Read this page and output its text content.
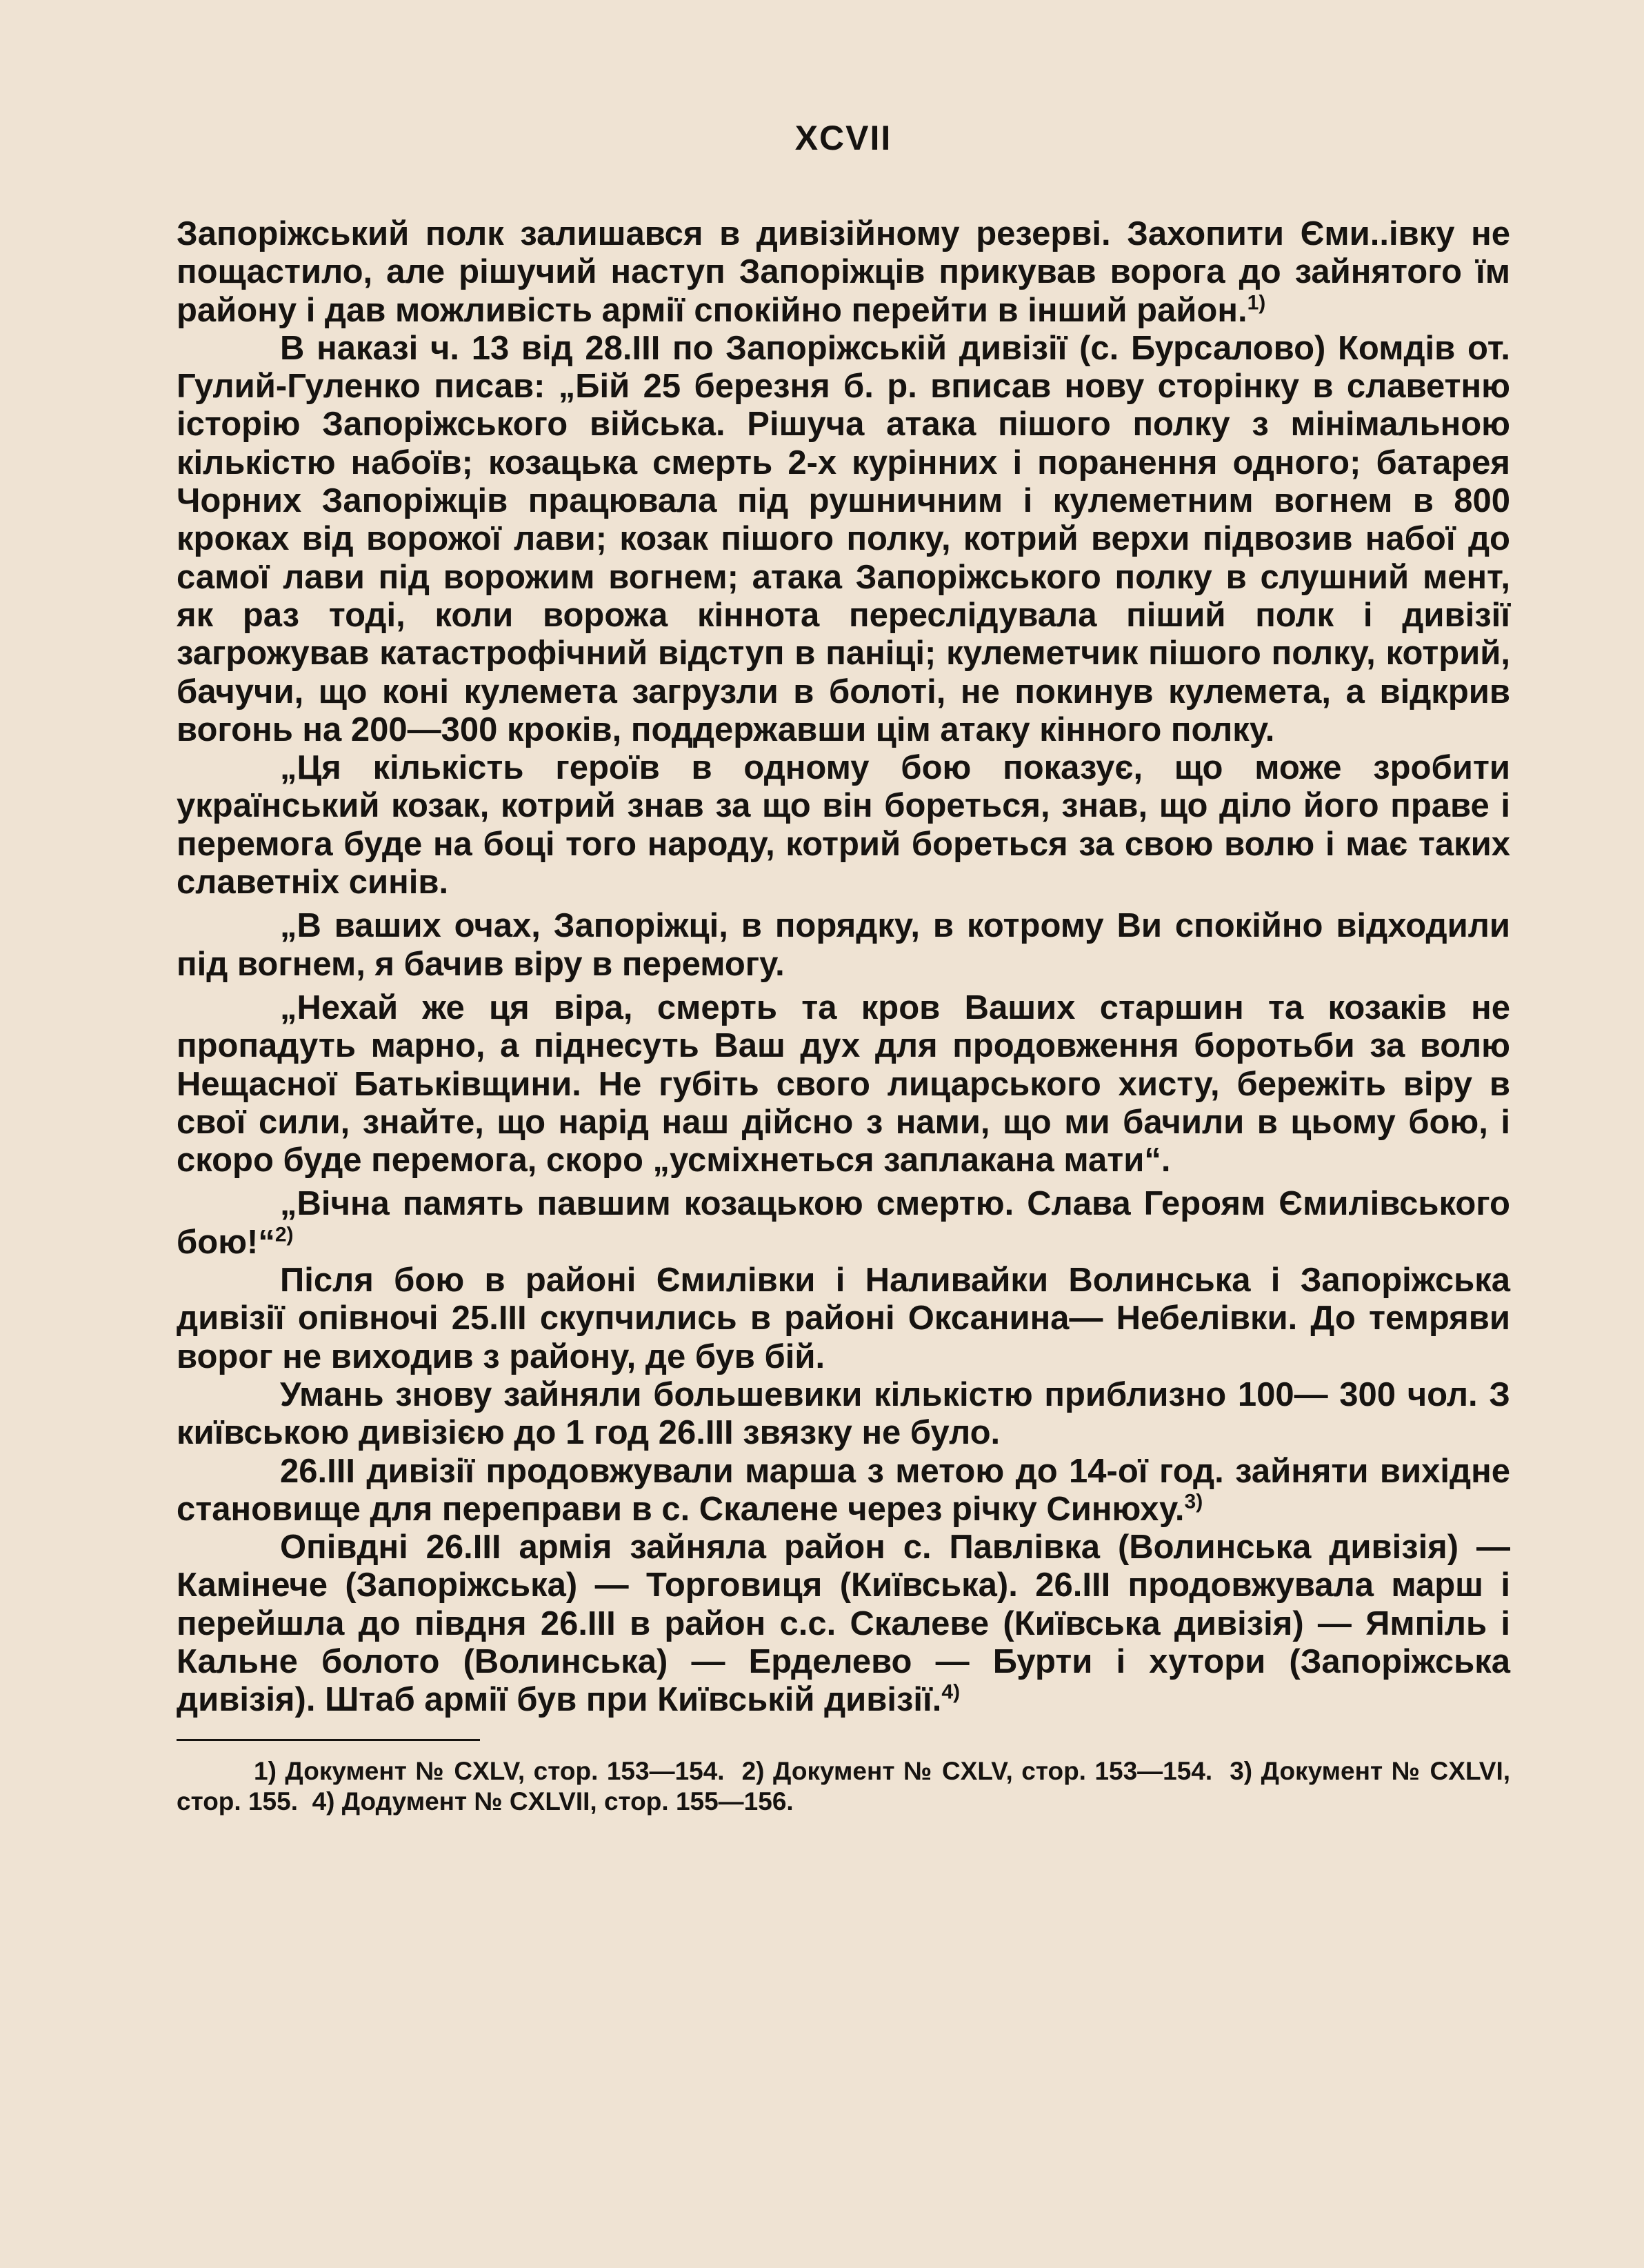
XCVII

Запоріжський полк залишався в дивізійному резерві. Захопити Єми..івку не пощастило, але рішучий наступ Запоріжців прикував ворога до зайнятого їм району і дав можливість армії спокійно перейти в інший район.$^{1)}$

В наказі ч. 13 від 28.ІІІ по Запоріжській дивізії (с. Бурсалово) Комдів от. Гулий-Гуленко писав: „Бій 25 березня б. р. вписав нову сторінку в славетню історію Запоріжського війська. Рішуча атака пішого полку з мінімальною кількістю набоїв; козацька смерть 2-х курінних і поранення одного; батарея Чорних Запоріжців працювала під рушничним і кулеметним вогнем в 800 кроках від ворожої лави; козак пішого полку, котрий верхи підвозив набої до самої лави під ворожим вогнем; атака Запоріжського полку в слушний мент, як раз тоді, коли ворожа кіннота переслідувала піший полк і дивізії загрожував катастрофічний відступ в паніці; кулеметчик пішого полку, котрий, бачучи, що коні кулемета загрузли в болоті, не покинув кулемета, а відкрив вогонь на 200—300 кроків, поддержавши цім атаку кінного полку.

„Ця кількість героїв в одному бою показує, що може зробити український козак, котрий знав за що він бореться, знав, що діло його праве і перемога буде на боці того народу, котрий бореться за свою волю і має таких славетніх синів.

„В ваших очах, Запоріжці, в порядку, в котрому Ви спокійно відходили під вогнем, я бачив віру в перемогу.

„Нехай же ця віра, смерть та кров Ваших старшин та козаків не пропадуть марно, а піднесуть Ваш дух для продовження боротьби за волю Нещасної Батьківщини. Не губіть свого лицарського хисту, бережіть віру в свої сили, знайте, що нарід наш дійсно з нами, що ми бачили в цьому бою, і скоро буде перемога, скоро „усміхнеться заплакана мати“.

„Вічна память павшим козацькою смертю. Слава Героям Ємилівського бою!“$^{2)}$

Після бою в районі Ємилівки і Наливайки Волинська і Запоріжська дивізії опівночі 25.ІІІ скупчились в районі Оксанина— Небелівки. До темряви ворог не виходив з району, де був бій.

Умань знову зайняли большевики кількістю приблизно 100— 300 чол. З київською дивізією до 1 год 26.ІІІ звязку не було.

26.ІІІ дивізії продовжували марша з метою до 14-ої год. зайняти вихідне становище для переправи в с. Скалене через річку Синюху.$^{3)}$

Опівдні 26.ІІІ армія зайняла район с. Павлівка (Волинська дивізія) — Камінече (Запоріжська) — Торговиця (Київська). 26.ІІІ продовжувала марш і перейшла до півдня 26.ІІІ в район с.с. Скалеве (Київська дивізія) — Ямпіль і Кальне болото (Волинська) — Ерделево — Бурти і хутори (Запоріжська дивізія). Штаб армії був при Київській дивізії.$^{4)}$

1) Документ № CXLV, стор. 153—154. 2) Документ № CXLV, стор. 153—154. 3) Документ № CXLVI, стор. 155. 4) Додумент № CXLVII, стор. 155—156.
